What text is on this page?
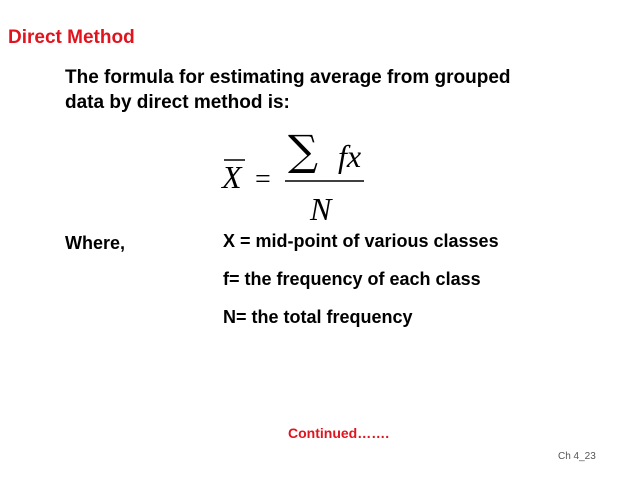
Direct Method
The formula for estimating average from grouped
data by direct method is:
X =
∑ fx
N
Where,	X = mid-point of various classes
f= the frequency of each class
N= the total frequency
Continued…….
Ch 4_23
